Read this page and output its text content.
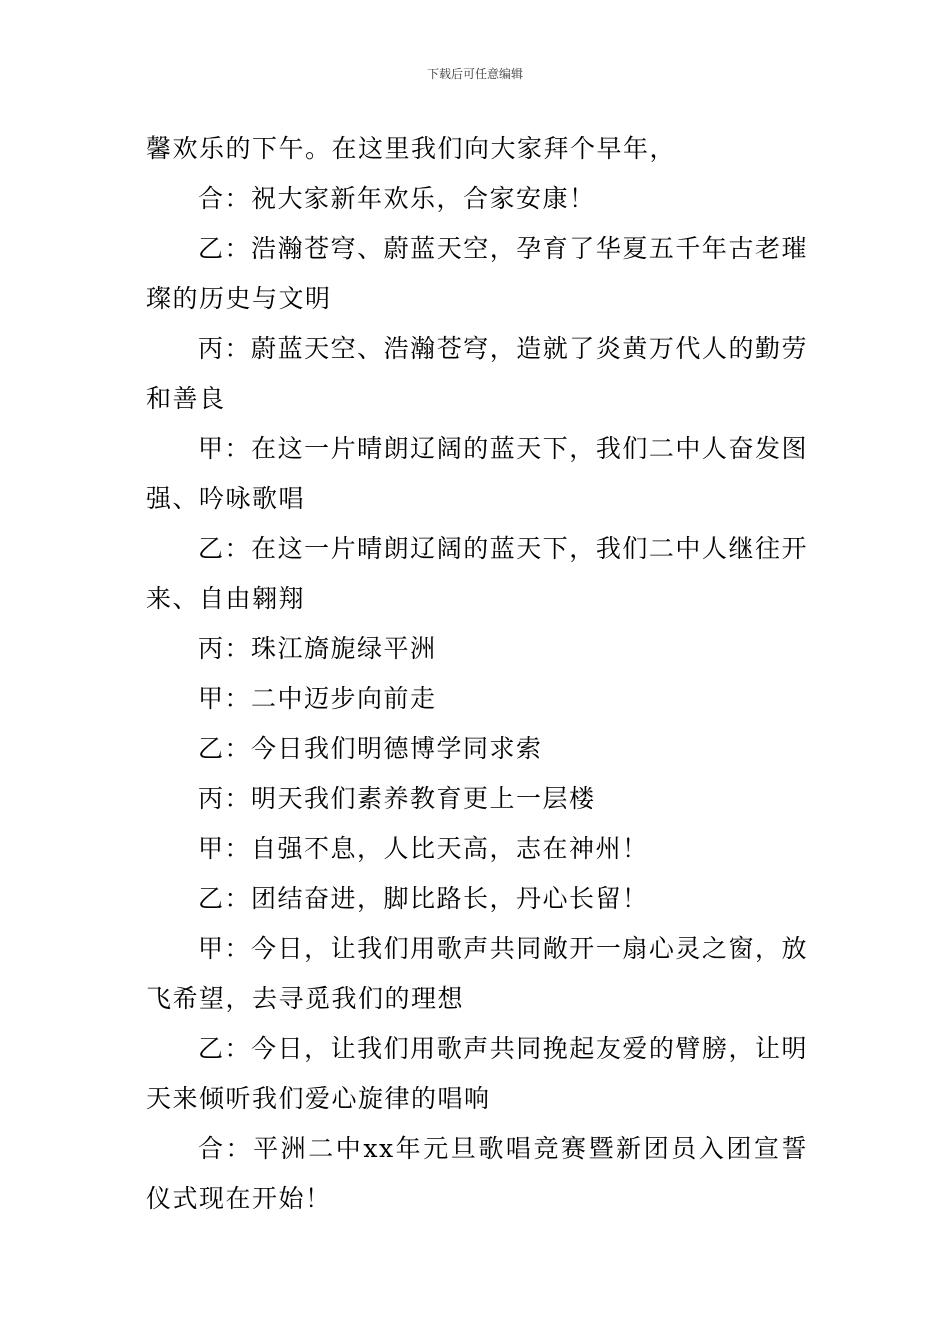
下载后可任意编辑

馨欢乐的下午。在这里我们向大家拜个早年，

合：祝大家新年欢乐，合家安康！

乙：浩瀚苍穹、蔚蓝天空，孕育了华夏五千年古老璀璨的历史与文明

丙：蔚蓝天空、浩瀚苍穹，造就了炎黄万代人的勤劳和善良

甲：在这一片晴朗辽阔的蓝天下，我们二中人奋发图强、吟咏歌唱

乙：在这一片晴朗辽阔的蓝天下，我们二中人继往开来、自由翱翔

丙：珠江旖旎绿平洲

甲：二中迈步向前走

乙：今日我们明德博学同求索

丙：明天我们素养教育更上一层楼

甲：自强不息，人比天高，志在神州！

乙：团结奋进，脚比路长，丹心长留！

甲：今日，让我们用歌声共同敞开一扇心灵之窗，放飞希望，去寻觅我们的理想

乙：今日，让我们用歌声共同挽起友爱的臂膀，让明天来倾听我们爱心旋律的唱响

合：平洲二中xx年元旦歌唱竞赛暨新团员入团宣誓仪式现在开始！
